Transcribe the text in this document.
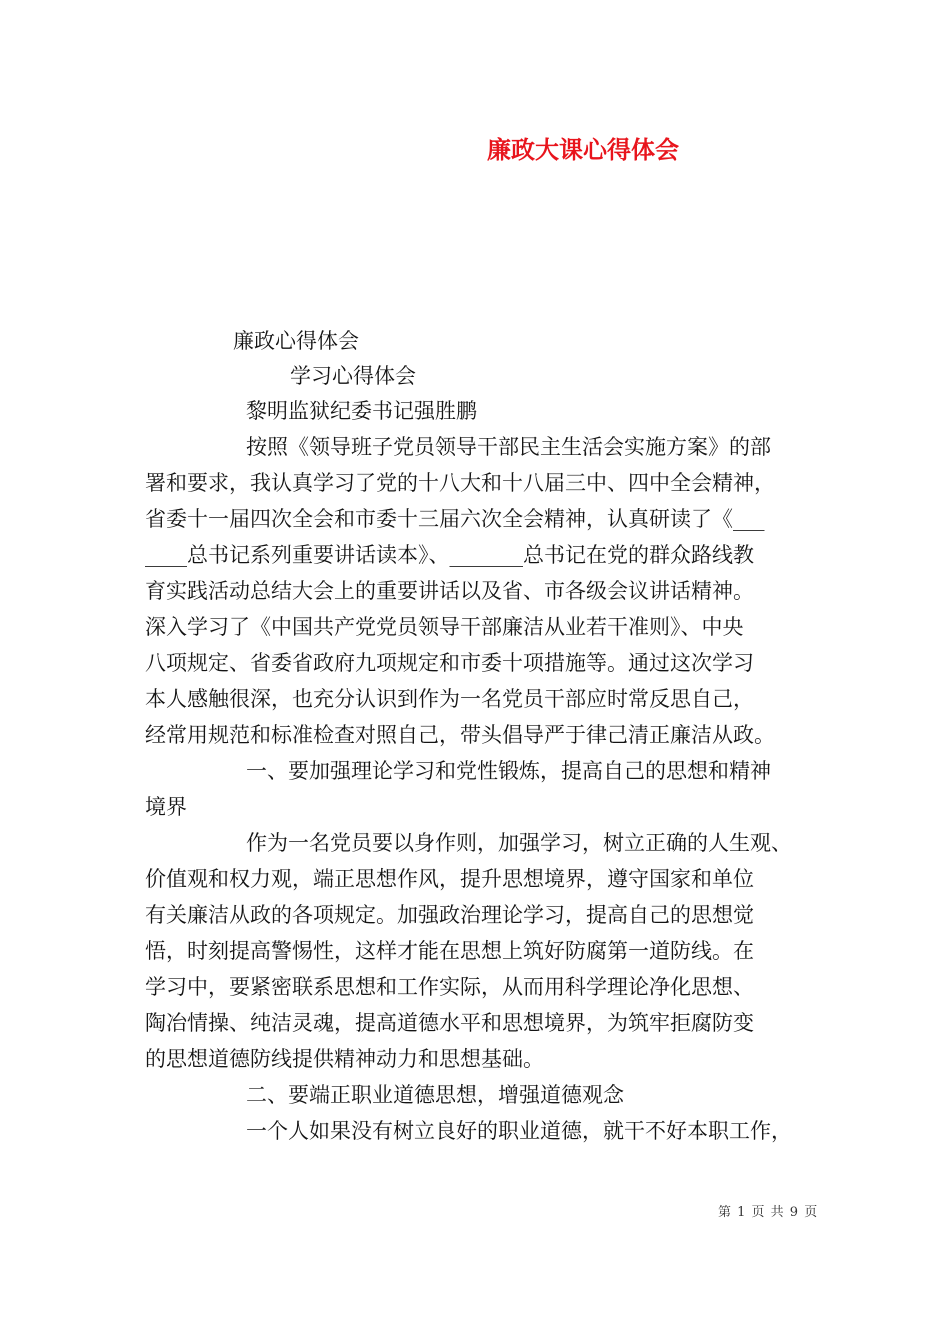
廉政大课心得体会
廉政心得体会
学习心得体会
黎明监狱纪委书记强胜鹏
按照《领导班子党员领导干部民主生活会实施方案》的部
署和要求，我认真学习了党的十八大和十八届三中、四中全会精神，
省委十一届四次全会和市委十三届六次全会精神，认真研读了《___
____总书记系列重要讲话读本》、_______总书记在党的群众路线教
育实践活动总结大会上的重要讲话以及省、市各级会议讲话精神。
深入学习了《中国共产党党员领导干部廉洁从业若干准则》、中央
八项规定、省委省政府九项规定和市委十项措施等。通过这次学习
本人感触很深，也充分认识到作为一名党员干部应时常反思自己，
经常用规范和标准检查对照自己，带头倡导严于律己清正廉洁从政。
一、要加强理论学习和党性锻炼，提高自己的思想和精神
境界
作为一名党员要以身作则，加强学习，树立正确的人生观、
价值观和权力观，端正思想作风，提升思想境界，遵守国家和单位
有关廉洁从政的各项规定。加强政治理论学习，提高自己的思想觉
悟，时刻提高警惕性，这样才能在思想上筑好防腐第一道防线。在
学习中，要紧密联系思想和工作实际，从而用科学理论净化思想、
陶冶情操、纯洁灵魂，提高道德水平和思想境界，为筑牢拒腐防变
的思想道德防线提供精神动力和思想基础。
二、要端正职业道德思想，增强道德观念
一个人如果没有树立良好的职业道德，就干不好本职工作，
第 1 页 共 9 页
